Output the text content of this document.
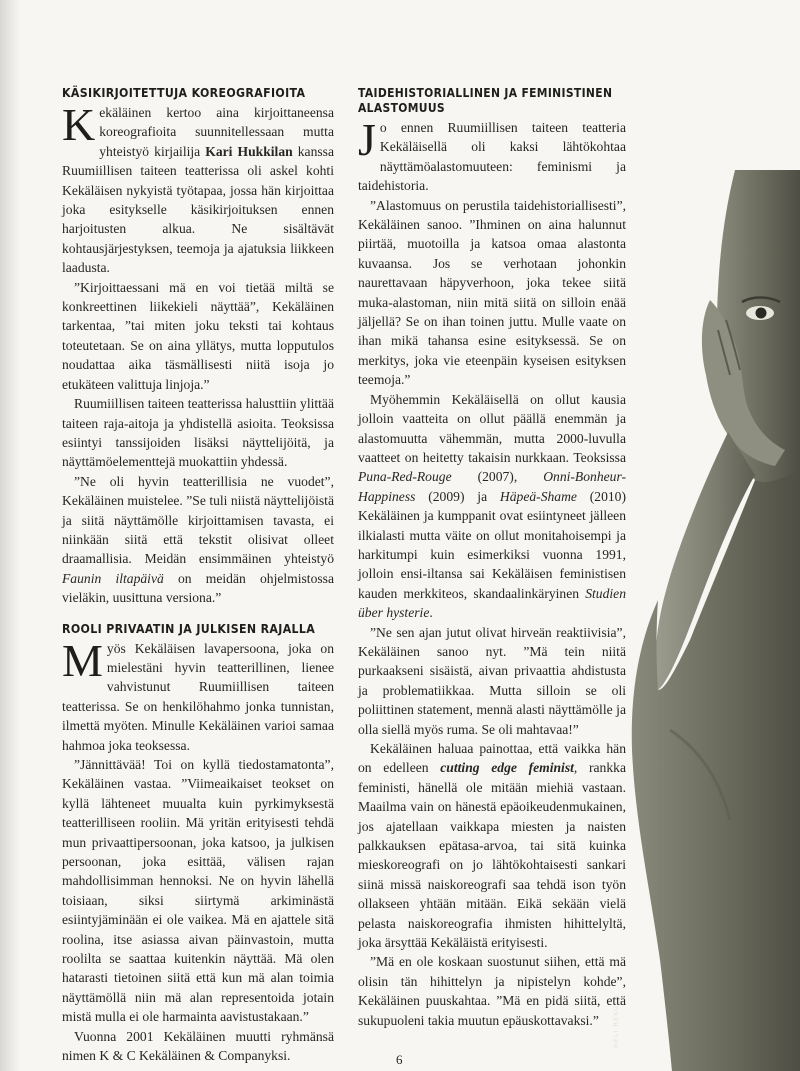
HELI REKULA
KÄSIKIRJOITETTUJA KOREOGRAFIOITA

Kekäläinen kertoo aina kirjoittaneensa koreografioita suunnitellessaan mutta yhteistyö kirjailija Kari Hukkilan kanssa Ruumiillisen taiteen teatterissa oli askel kohti Kekäläisen nykyistä työtapaa, jossa hän kirjoittaa joka esitykselle käsikirjoituksen ennen harjoitusten alkua. Ne sisältävät kohtausjärjestyksen, teemoja ja ajatuksia liikkeen laadusta.

”Kirjoittaessani mä en voi tietää miltä se konkreettinen liikekieli näyttää”, Kekäläinen tarkentaa, ”tai miten joku teksti tai kohtaus toteutetaan. Se on aina yllätys, mutta lopputulos noudattaa aika täsmällisesti niitä isoja jo etukäteen valittuja linjoja.”

Ruumiillisen taiteen teatterissa halusttiin ylittää taiteen raja-aitoja ja yhdistellä asioita. Teoksissa esiintyi tanssijoiden lisäksi näyttelijöitä, ja näyttämöelementtejä muokattiin yhdessä.

”Ne oli hyvin teatterillisia ne vuodet”, Kekäläinen muistelee. ”Se tuli niistä näyttelijöistä ja siitä näyttämölle kirjoittamisen tavasta, ei niinkään siitä että tekstit olisivat olleet draamallisia. Meidän ensimmäinen yhteistyö Faunin iltapäivä on meidän ohjelmistossa vieläkin, uusittuna versiona.”

ROOLI PRIVAATIN JA JULKISEN RAJALLA

Myös Kekäläisen lavapersoona, joka on mielestäni hyvin teatterillinen, lienee vahvistunut Ruumiillisen taiteen teatterissa. Se on henkilöhahmo jonka tunnistan, ilmettä myöten. Minulle Kekäläinen varioi samaa hahmoa joka teoksessa.

”Jännittävää! Toi on kyllä tiedostamatonta”, Kekäläinen vastaa. ”Viimeaikaiset teokset on kyllä lähteneet muualta kuin pyrkimyksestä teatterilliseen rooliin. Mä yritän erityisesti tehdä mun privaattipersoonan, joka katsoo, ja julkisen persoonan, joka esittää, välisen rajan mahdollisimman hennoksi. Ne on hyvin lähellä toisiaan, siksi siirtymä arkiminästä esiintyjäminään ei ole vaikea. Mä en ajattele sitä roolina, itse asiassa aivan päinvastoin, mutta roolilta se saattaa kuitenkin näyttää. Mä olen hatarasti tietoinen siitä että kun mä alan toimia näyttämöllä niin mä alan representoida jotain mistä mulla ei ole harmainta aavistustakaan.”

Vuonna 2001 Kekäläinen muutti ryhmänsä nimen K & C Kekäläinen & Companyksi.

TAIDEHISTORIALLINEN JA FEMINISTINEN ALASTOMUUS

Jo ennen Ruumiillisen taiteen teatteria Kekäläisellä oli kaksi lähtökohtaa näyttämöalastomuuteen: feminismi ja taidehistoria.

”Alastomuus on perustila taidehistoriallisesti”, Kekäläinen sanoo. ”Ihminen on aina halunnut piirtää, muotoilla ja katsoa omaa alastonta kuvaansa. Jos se verhotaan johonkin naurettavaan häpyverhoon, joka tekee siitä muka-alastoman, niin mitä siitä on silloin enää jäljellä? Se on ihan toinen juttu. Mulle vaate on ihan mikä tahansa esine esityksessä. Se on merkitys, joka vie eteenpäin kyseisen esityksen teemoja.”

Myöhemmin Kekäläisellä on ollut kausia jolloin vaatteita on ollut päällä enemmän ja alastomuutta vähemmän, mutta 2000-luvulla vaatteet on heitetty takaisin nurkkaan. Teoksissa Puna-Red-Rouge (2007), Onni-Bonheur-Happiness (2009) ja Häpeä-Shame (2010) Kekäläinen ja kumppanit ovat esiintyneet jälleen ilkialasti mutta väite on ollut monitahoisempi ja harkitumpi kuin esimerkiksi vuonna 1991, jolloin ensi-iltansa sai Kekäläisen feministisen kauden merkkiteos, skandaalinkäryinen Studien über hysterie.

”Ne sen ajan jutut olivat hirveän reaktiivisia”, Kekäläinen sanoo nyt. ”Mä tein niitä purkaakseni sisäistä, aivan privaattia ahdistusta ja problematiikkaa. Mutta silloin se oli poliittinen statement, mennä alasti näyttämölle ja olla siellä myös ruma. Se oli mahtavaa!”

Kekäläinen haluaa painottaa, että vaikka hän on edelleen cutting edge feminist, rankka feministi, hänellä ole mitään miehiä vastaan. Maailma vain on hänestä epäoikeudenmukainen, jos ajatellaan vaikkapa miesten ja naisten palkkauksen epätasa-arvoa, tai sitä kuinka mieskoreografi on jo lähtökohtaisesti sankari siinä missä naiskoreografi saa tehdä ison työn ollakseen yhtään mitään. Eikä sekään vielä pelasta naiskoreografia ihmisten hihittelyltä, joka ärsyttää Kekäläistä erityisesti.

”Mä en ole koskaan suostunut siihen, että mä olisin tän hihittelyn ja nipistelyn kohde”, Kekäläinen puuskahtaa. ”Mä en pidä siitä, että sukupuoleni takia muutun epäuskottavaksi.”

6
